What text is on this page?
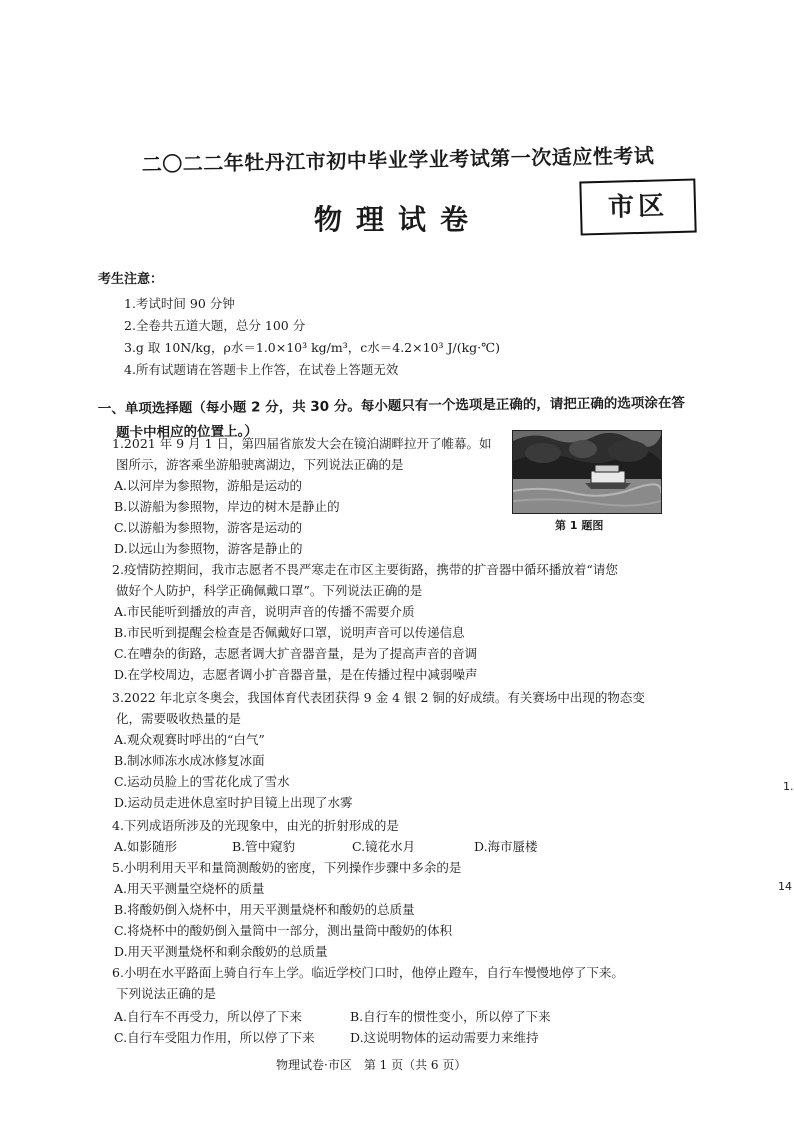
二〇二二年牡丹江市初中毕业学业考试第一次适应性考试
物理试卷	市区
考生注意：
1.考试时间 90 分钟
2.全卷共五道大题，总分 100 分
3.g 取 10N/kg，ρ水＝1.0×10³ kg/m³，c水＝4.2×10³ J/(kg·℃)
4.所有试题请在答题卡上作答，在试卷上答题无效
一、单项选择题（每小题 2 分，共 30 分。每小题只有一个选项是正确的，请把正确的选项涂在答
题卡中相应的位置上。）
1.2021 年 9 月 1 日，第四届省旅发大会在镜泊湖畔拉开了帷幕。如
图所示，游客乘坐游船驶离湖边，下列说法正确的是
A.以河岸为参照物，游船是运动的
B.以游船为参照物，岸边的树木是静止的
C.以游船为参照物，游客是运动的
D.以远山为参照物，游客是静止的
第 1 题图
2.疫情防控期间，我市志愿者不畏严寒走在市区主要街路，携带的扩音器中循环播放着“请您
做好个人防护，科学正确佩戴口罩”。下列说法正确的是
A.市民能听到播放的声音，说明声音的传播不需要介质
B.市民听到提醒会检查是否佩戴好口罩，说明声音可以传递信息
C.在嘈杂的街路，志愿者调大扩音器音量，是为了提高声音的音调
D.在学校周边，志愿者调小扩音器音量，是在传播过程中减弱噪声
3.2022 年北京冬奥会，我国体育代表团获得 9 金 4 银 2 铜的好成绩。有关赛场中出现的物态变
化，需要吸收热量的是
A.观众观赛时呼出的“白气”
B.制冰师冻水成冰修复冰面
C.运动员脸上的雪花化成了雪水
D.运动员走进休息室时护目镜上出现了水雾
4.下列成语所涉及的光现象中，由光的折射形成的是
A.如影随形	B.管中窥豹	C.镜花水月	D.海市蜃楼
5.小明利用天平和量筒测酸奶的密度，下列操作步骤中多余的是
A.用天平测量空烧杯的质量
B.将酸奶倒入烧杯中，用天平测量烧杯和酸奶的总质量
C.将烧杯中的酸奶倒入量筒中一部分，测出量筒中酸奶的体积
D.用天平测量烧杯和剩余酸奶的总质量
6.小明在水平路面上骑自行车上学。临近学校门口时，他停止蹬车，自行车慢慢地停了下来。
下列说法正确的是
物理试卷·市区　第 1 页（共 6 页）
1.
14
A.自行车不再受力，所以停了下来	B.自行车的惯性变小，所以停了下来
C.自行车受阻力作用，所以停了下来	D.这说明物体的运动需要力来维持
